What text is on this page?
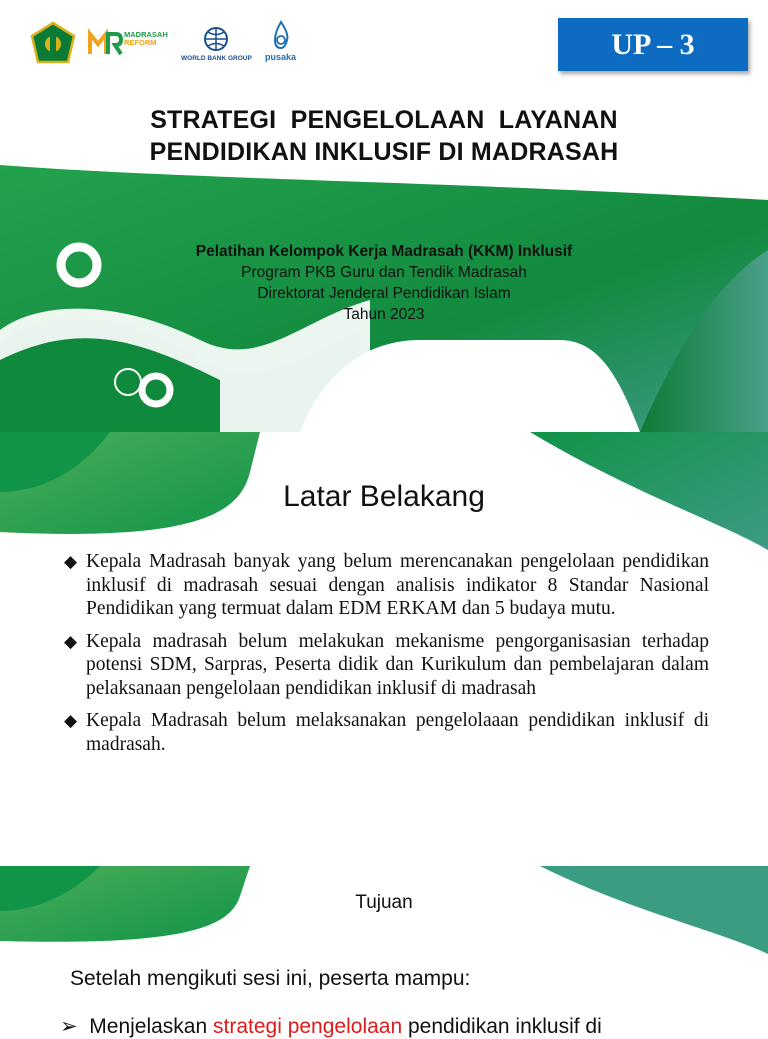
MADRASAH
REFORM
WORLD BANK GROUP pusaka	UP – 3
STRATEGI  PENGELOLAAN  LAYANAN
PENDIDIKAN INKLUSIF DI MADRASAH
Pelatihan Kelompok Kerja Madrasah (KKM) Inklusif
Program PKB Guru dan Tendik Madrasah
Direktorat Jenderal Pendidikan Islam
Tahun 2023
Latar Belakang
◆ Kepala Madrasah banyak yang belum merencanakan pengelolaan pendidikan inklusif di madrasah sesuai dengan analisis indikator 8 Standar Nasional Pendidikan yang termuat dalam EDM ERKAM dan 5 budaya mutu.
◆ Kepala madrasah belum melakukan mekanisme pengorganisasian terhadap potensi SDM, Sarpras, Peserta didik dan Kurikulum dan pembelajaran dalam pelaksanaan pengelolaan pendidikan inklusif di madrasah
◆ Kepala Madrasah belum melaksanakan pengelolaaan pendidikan inklusif di madrasah.
Tujuan
Setelah mengikuti sesi ini, peserta mampu:
➢  Menjelaskan strategi pengelolaan pendidikan inklusif di
